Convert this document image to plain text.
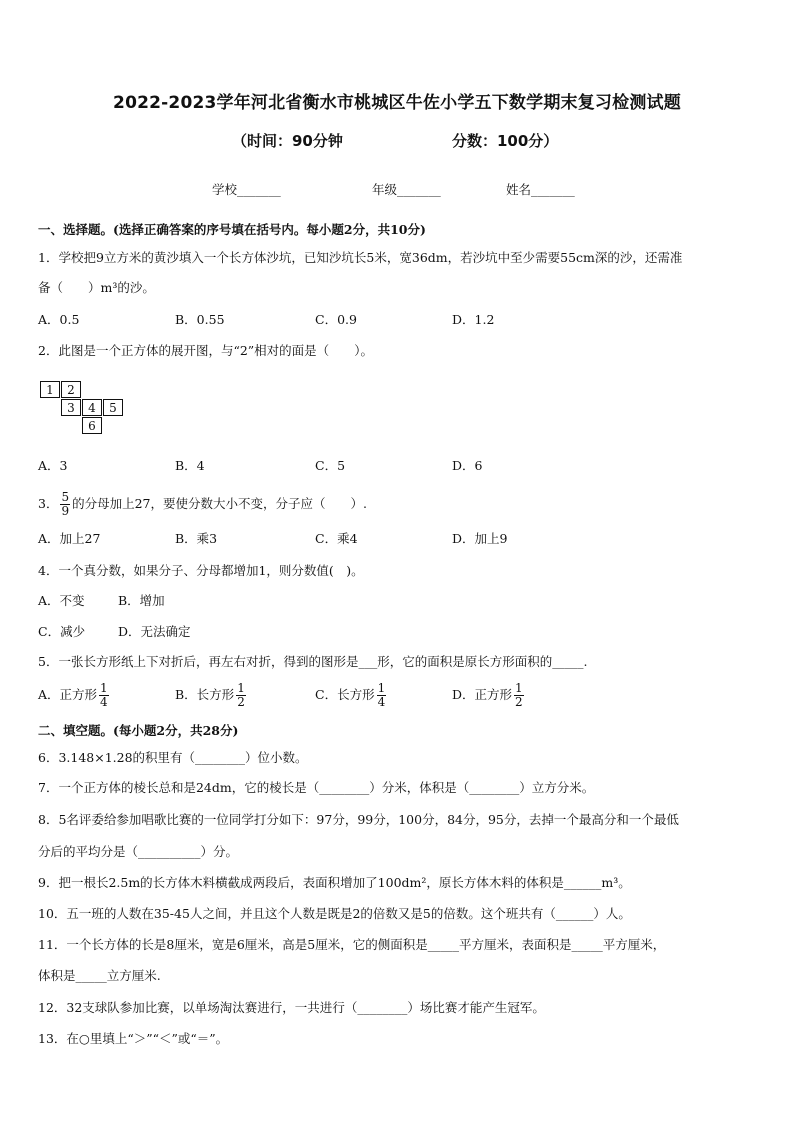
2022-2023学年河北省衡水市桃城区牛佐小学五下数学期末复习检测试题
（时间：90分钟	分数：100分）
学校_______	年级_______	姓名_______
一、选择题。(选择正确答案的序号填在括号内。每小题2分，共10分)
1．学校把9立方米的黄沙填入一个长方体沙坑，已知沙坑长5米，宽36dm，若沙坑中至少需要55cm深的沙，还需准
备（　　）m³的沙。
A．0.5	B．0.55	C．0.9	D．1.2
2．此图是一个正方体的展开图，与“2”相对的面是（　　）。
1	2
3	4	5
6
A．3	B．4	C．5	D．6
3． $\frac{5}{9}$ 的分母加上27，要使分数大小不变，分子应（　　）.
A．加上27	B．乘3	C．乘4	D．加上9
4．一个真分数，如果分子、分母都增加1，则分数值(　)。
A．不变	B．增加
C．减少	D．无法确定
5．一张长方形纸上下对折后，再左右对折，得到的图形是___形，它的面积是原长方形面积的_____.
A．正方形 $\frac{1}{4}$	B．长方形 $\frac{1}{2}$	C．长方形 $\frac{1}{4}$	D．正方形 $\frac{1}{2}$
二、填空题。(每小题2分，共28分)
6．3.148×1.28的积里有（________）位小数。
7．一个正方体的棱长总和是24dm，它的棱长是（________）分米，体积是（________）立方分米。
8．5名评委给参加唱歌比赛的一位同学打分如下：97分，99分，100分，84分，95分，去掉一个最高分和一个最低
分后的平均分是（__________）分。
9．把一根长2.5m的长方体木料横截成两段后，表面积增加了100dm²，原长方体木料的体积是______m³。
10．五一班的人数在35-45人之间，并且这个人数是既是2的倍数又是5的倍数。这个班共有（______）人。
11．一个长方体的长是8厘米，宽是6厘米，高是5厘米，它的侧面积是_____平方厘米，表面积是_____平方厘米，
体积是_____立方厘米.
12．32支球队参加比赛，以单场淘汰赛进行，一共进行（________）场比赛才能产生冠军。
13．在○里填上“＞”“＜”或“＝”。
